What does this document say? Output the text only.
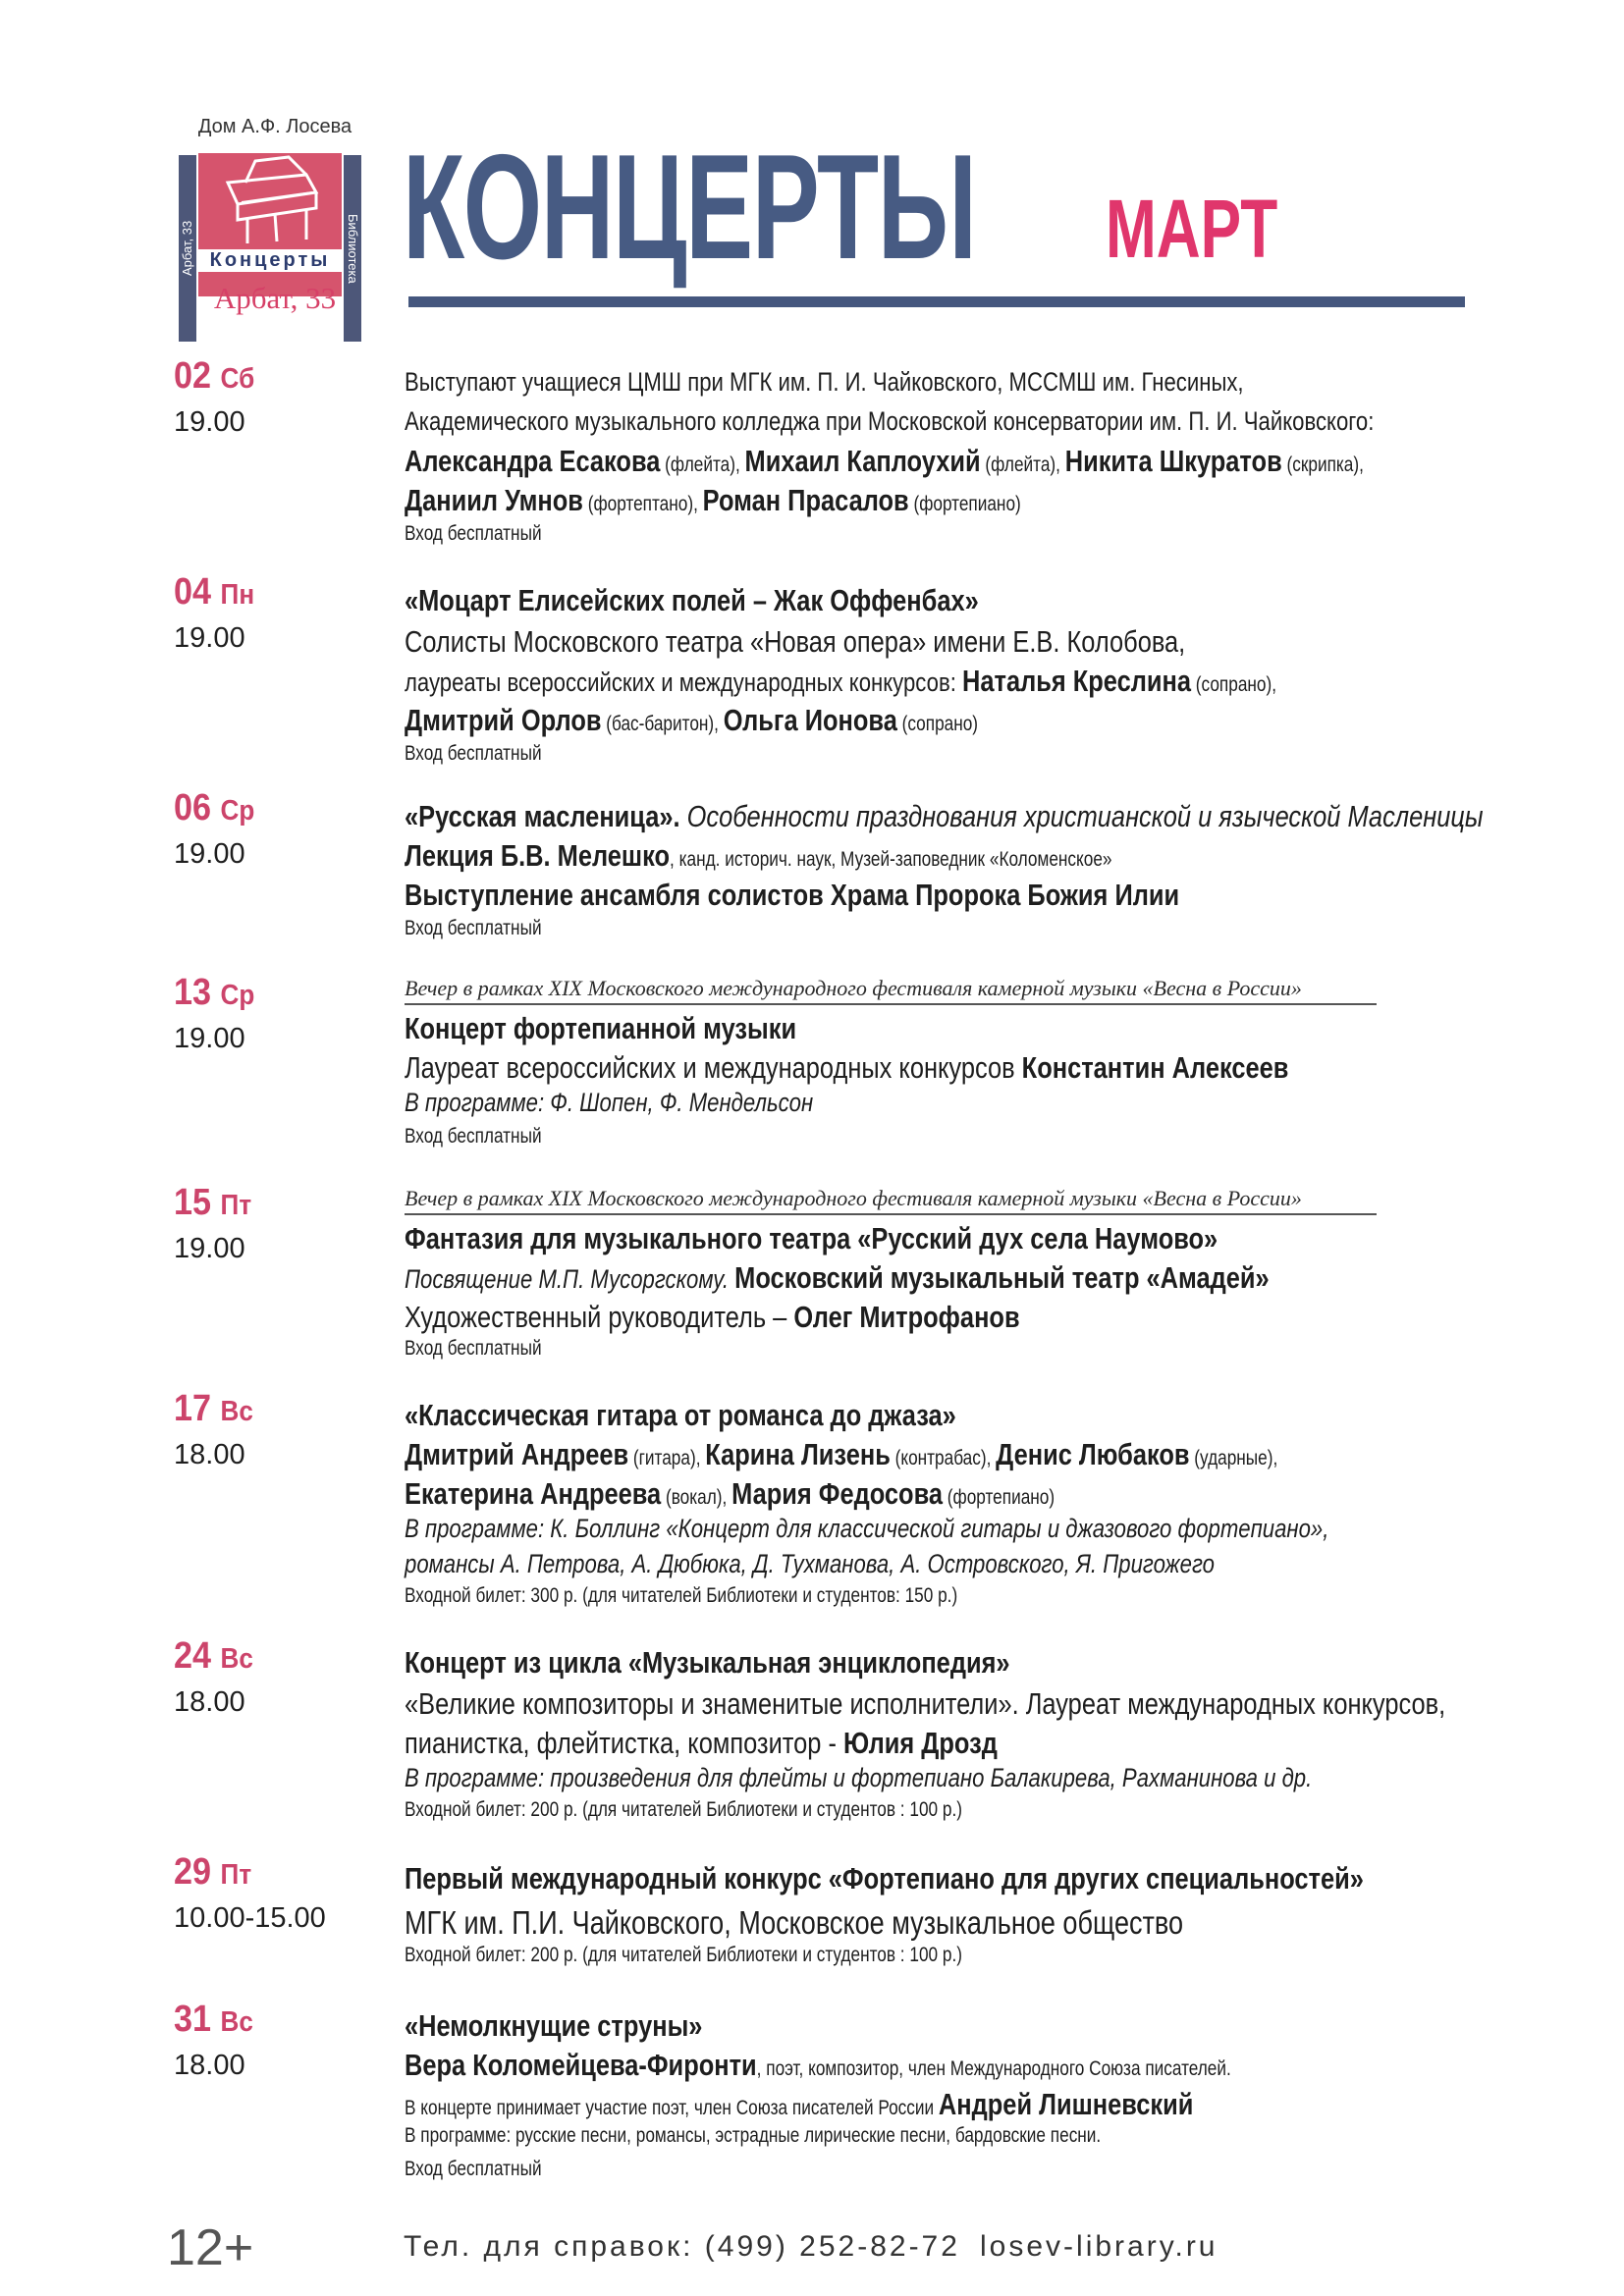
Дом А.Ф. Лосева
Арбат, 33	Библиотека
Концерты
Арбат, 33
КОНЦЕРТЫ МАРТ
02 Сб
19.00
Выступают учащиеся ЦМШ при МГК им. П. И. Чайковского, МССМШ им. Гнесиных,
Академического музыкального колледжа при Московской консерватории им. П. И. Чайковского:
Александра Есакова (флейта), Михаил Каплоухий (флейта), Никита Шкуратов (скрипка),
Даниил Умнов (фортептано), Роман Прасалов (фортепиано)
Вход бесплатный
04 Пн
19.00
«Моцарт Елисейских полей – Жак Оффенбах»
Солисты Московского театра «Новая опера» имени Е.В. Колобова,
лауреаты всероссийских и международных конкурсов: Наталья Креслина (сопрано),
Дмитрий Орлов (бас-баритон), Ольга Ионова (сопрано)
Вход бесплатный
06 Ср
19.00
«Русская масленица». Особенности празднования христианской и языческой Масленицы
Лекция Б.В. Мелешко, канд. историч. наук, Музей-заповедник «Коломенское»
Выступление ансамбля солистов Храма Пророка Божия Илии
Вход бесплатный
13 Ср
19.00
Вечер в рамках XIX Московского международного фестиваля камерной музыки «Весна в России»
Концерт фортепианной музыки
Лауреат всероссийских и международных конкурсов Константин Алексеев
В программе: Ф. Шопен, Ф. Мендельсон
Вход бесплатный
15 Пт
19.00
Вечер в рамках XIX Московского международного фестиваля камерной музыки «Весна в России»
Фантазия для музыкального театра «Русский дух села Наумово»
Посвящение М.П. Мусоргскому. Московский музыкальный театр «Амадей»
Художественный руководитель – Олег Митрофанов
Вход бесплатный
17 Вс
18.00
«Классическая гитара от романса до джаза»
Дмитрий Андреев (гитара), Карина Лизень (контрабас), Денис Любаков (ударные),
Екатерина Андреева (вокал), Мария Федосова (фортепиано)
В программе: К. Боллинг «Концерт для классической гитары и джазового фортепиано»,
романсы А. Петрова, А. Дюбюка, Д. Тухманова, А. Островского, Я. Пригожего
Входной билет: 300 р. (для читателей Библиотеки и студентов: 150 р.)
24 Вс
18.00
Концерт из цикла «Музыкальная энциклопедия»
«Великие композиторы и знаменитые исполнители». Лауреат международных конкурсов,
пианистка, флейтистка, композитор - Юлия Дрозд
В программе: произведения для флейты и фортепиано Балакирева, Рахманинова и др.
Входной билет: 200 р. (для читателей Библиотеки и студентов : 100 р.)
29 Пт
10.00-15.00
Первый международный конкурс «Фортепиано для других специальностей»
МГК им. П.И. Чайковского, Московское музыкальное общество
Входной билет: 200 р. (для читателей Библиотеки и студентов : 100 р.)
31 Вс
18.00
«Немолкнущие струны»
Вера Коломейцева-Фиронти, поэт, композитор, член Международного Союза писателей.
В концерте принимает участие поэт, член Союза писателей России Андрей Лишневский
В программе: русские песни, романсы, эстрадные лирические песни, бардовские песни.
Вход бесплатный
12+	Тел. для справок: (499) 252-82-72 losev-library.ru
